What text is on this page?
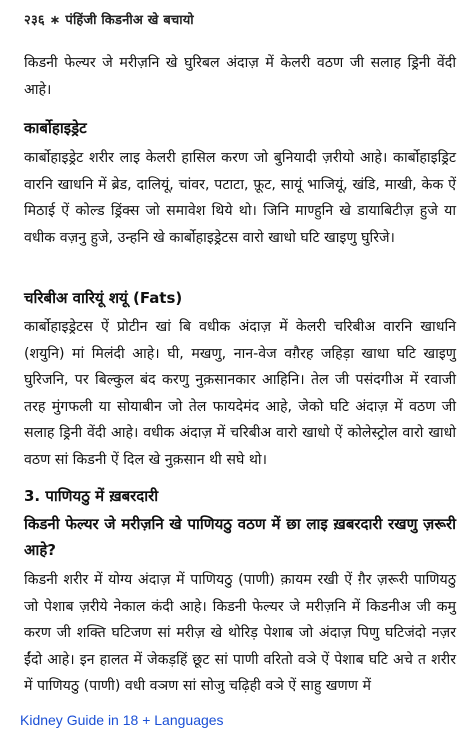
२३६ ∗ पंहिंजी किडनीअ खे बचायो

किडनी फेल्यर जे मरीज़नि खे घुरिबल अंदाज़ में केलरी वठण जी सलाह ड्रिनी वेंदी आहे।

कार्बोहाइड्रेट

कार्बोहाइड्रेट शरीर लाइ केलरी हासिल करण जो बुनियादी ज़रीयो आहे। कार्बोहाइड्रिट वारनि खाधनि में ब्रेड, दालियूं, चांवर, पटाटा, फ़ूट, सायूं भाजियूं, खंडि, माखी, केक ऐं मिठाई ऐं कोल्ड ड्रिंक्स जो समावेश थिये थो। जिनि माण्हुनि खे डायाबिटीज़ हुजे या वधीक वज़नु हुजे, उन्हनि खे कार्बोहाइड्रेटस वारो खाधो घटि खाइणु घुरिजे।

चरिबीअ वारियूं शयूं (Fats)

कार्बोहाइड्रेटस ऐं प्रोटीन खां बि वधीक अंदाज़ में केलरी चरिबीअ वारनि खाधनि (शयुनि) मां मिलंदी आहे। घी, मखणु, नान-वेज वग़ैरह जहिड़ा खाधा घटि खाइणु घुरिजनि, पर बिल्कुल बंद करणु नुक़सानकार आहिनि। तेल जी पसंदगीअ में रवाजी तरह मुंगफली या सोयाबीन जो तेल फायदेमंद आहे, जेको घटि अंदाज़ में वठण जी सलाह ड्रिनी वेंदी आहे। वधीक अंदाज़ में चरिबीअ वारो खाधो ऐं कोलेस्ट्रोल वारो खाधो वठण सां किडनी ऐं दिल खे नुक़सान थी सघे थो।

3. पाणियठु में ख़बरदारी

किडनी फेल्यर जे मरीज़नि खे पाणियठु वठण में छा लाइ ख़बरदारी रखणु ज़रूरी आहे?

किडनी शरीर में योग्य अंदाज़ में पाणियठु (पाणी) क़ायम रखी ऐं ग़ैर ज़रूरी पाणियठु जो पेशाब ज़रीये नेकाल कंदी आहे। किडनी फेल्यर जे मरीज़नि में किडनीअ जी कमु करण जी शक्ति घटिजण सां मरीज़ खे थोरिड़ पेशाब जो अंदाज़ पिणु घटिजंदो नज़र ईंदो आहे। इन हालत में जेकड़हिं छूट सां पाणी वरितो वञे ऐं पेशाब घटि अचे त शरीर में पाणियठु (पाणी) वधी वञण सां सोजु चढ़िही वञे ऐं साहु खणण में

Kidney Guide in 18 + Languages
